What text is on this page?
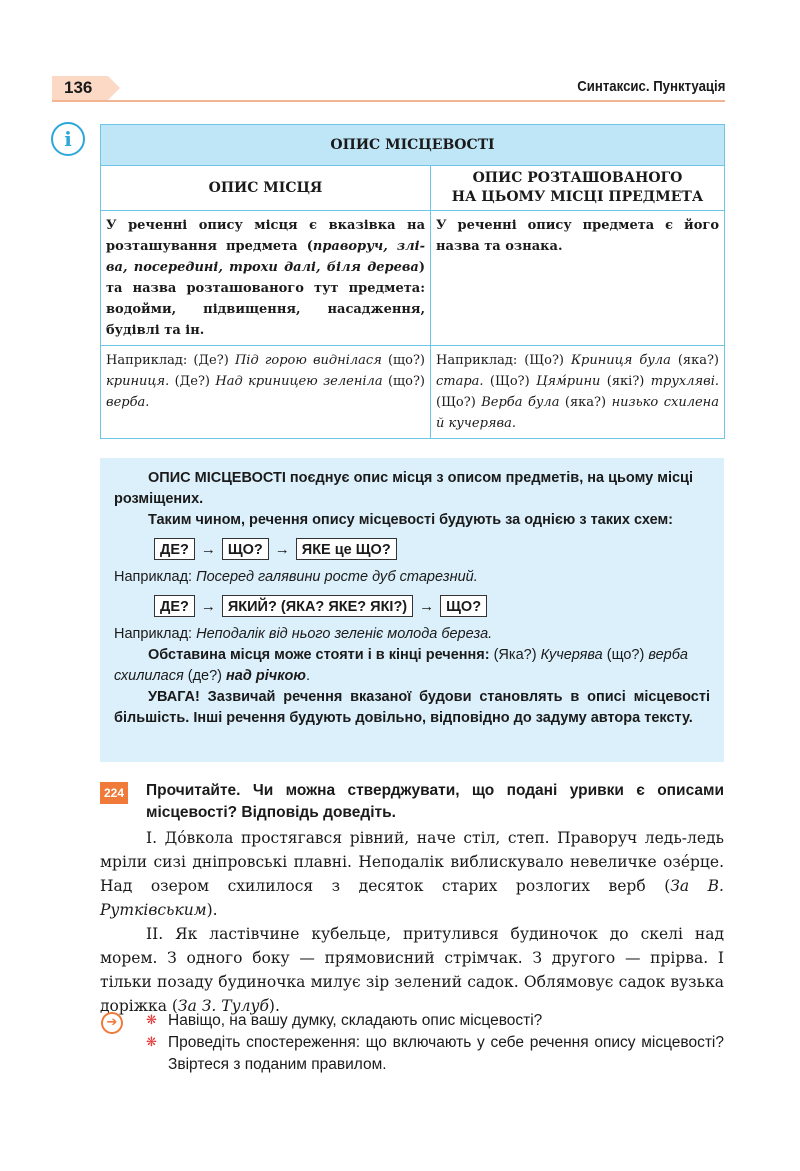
136	Синтаксис. Пунктуація
i	ОПИС МІСЦЕВОСТІ	
ОПИС МІСЦЯ	ОПИС РОЗТАШОВАНОГО
НА ЦЬОМУ МІСЦІ ПРЕДМЕТА
У реченні опису місця є вказівка на розташування предмета (праворуч, зліва, посередині, трохи далі, біля дерева) та назва розташованого тут предмета: водойми, підвищення, насадження, будівлі та ін.	У реченні опису предмета є його назва та ознака.
Наприклад: (Де?) Під горою виднілася (що?) криниця. (Де?) Над криницею зеленіла (що?) верба.	Наприклад: (Що?) Криниця була (яка?) стара. (Що?) Цям́рини (які?) трухляві. (Що?) Верба була (яка?) низько схилена й кучерява.

ОПИС МІСЦЕВОСТІ поєднує опис місця з описом предметів, на цьому місці розміщених.

Таким чином, речення опису місцевості будують за однією з таких схем:

ДЕ? → ЩО? → ЯКЕ це ЩО?

Наприклад: Посеред галявини росте дуб старезний.

ДЕ? → ЯКИЙ? (ЯКА? ЯКЕ? ЯКІ?) → ЩО?

Наприклад: Неподалік від нього зеленіє молода береза.

Обставина місця може стояти і в кінці речення: (Яка?) Кучерява (що?) верба схилилася (де?) над річкою.

УВАГА! Зазвичай речення вказаної будови становлять в описі місцевості більшість. Інші речення будують довільно, відповідно до задуму автора тексту.

224 Прочитайте. Чи можна стверджувати, що подані уривки є описами місцевості? Відповідь доведіть.

І. До́вкола простягався рівний, наче стіл, степ. Праворуч ледь-ледь мріли сизі дніпровські плавні. Неподалік виблискувало невеличке озе́рце. Над озером схилилося з десяток старих розлогих верб (За В. Рутківським).

ІІ. Як ластівчине кубельце, притулився будиночок до скелі над морем. З одного боку — прямовисний стрімчак. З другого — прірва. І тільки позаду будиночка милує зір зелений садок. Облямовує садок вузька доріжка (За З. Тулуб).

➔	❋ Навіщо, на вашу думку, складають опис місцевості?

❋ Проведіть спостереження: що включають у себе речення опису місцевості? Звіртеся з поданим правилом.
